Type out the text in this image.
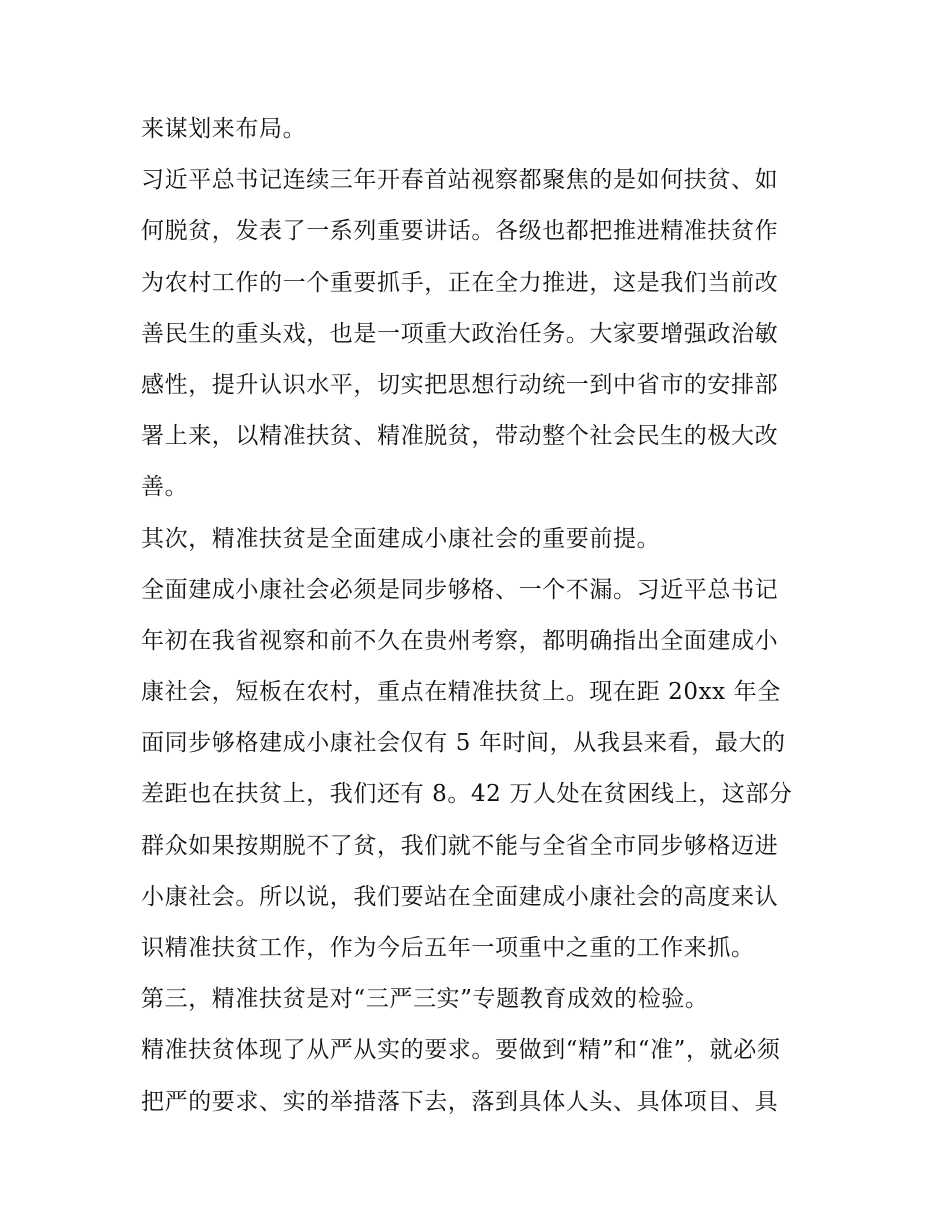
来谋划来布局。
习近平总书记连续三年开春首站视察都聚焦的是如何扶贫、如
何脱贫，发表了一系列重要讲话。各级也都把推进精准扶贫作
为农村工作的一个重要抓手，正在全力推进，这是我们当前改
善民生的重头戏，也是一项重大政治任务。大家要增强政治敏
感性，提升认识水平，切实把思想行动统一到中省市的安排部
署上来，以精准扶贫、精准脱贫，带动整个社会民生的极大改
善。
其次，精准扶贫是全面建成小康社会的重要前提。
全面建成小康社会必须是同步够格、一个不漏。习近平总书记
年初在我省视察和前不久在贵州考察，都明确指出全面建成小
康社会，短板在农村，重点在精准扶贫上。现在距 20xx 年全
面同步够格建成小康社会仅有 5 年时间，从我县来看，最大的
差距也在扶贫上，我们还有 8。42 万人处在贫困线上，这部分
群众如果按期脱不了贫，我们就不能与全省全市同步够格迈进
小康社会。所以说，我们要站在全面建成小康社会的高度来认
识精准扶贫工作，作为今后五年一项重中之重的工作来抓。
第三，精准扶贫是对“三严三实”专题教育成效的检验。
精准扶贫体现了从严从实的要求。要做到“精”和“准”，就必须
把严的要求、实的举措落下去，落到具体人头、具体项目、具
